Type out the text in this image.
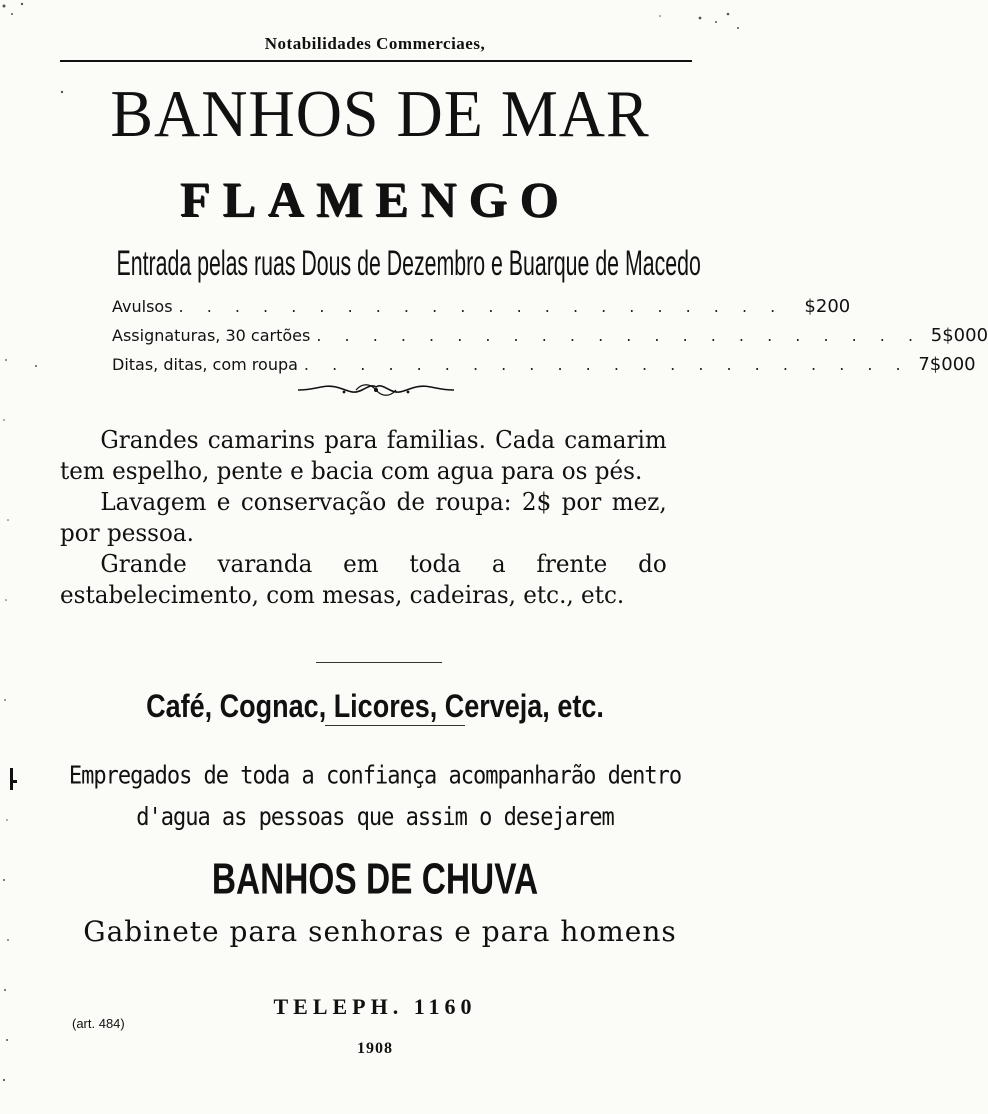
Notabilidades Commerciaes,
BANHOS DE MAR
FLAMENGO
Entrada pelas ruas Dous de Dezembro e Buarque de Macedo
Avulsos . . . . . . . . . . . . . . . . . . . . . .	$200
Assignaturas, 30 cartões . . . . . . . . . . . . . . . . . . . . . . 5$000
Ditas, ditas, com roupa . . . . . . . . . . . . . . . . . . . . . . 7$000

Grandes camarins para familias. Cada camarim tem espelho, pente e bacia com agua para os pés.

Lavagem e conservação de roupa: 2$ por mez, por pessoa.

Grande varanda em toda a frente do estabelecimento, com mesas, cadeiras, etc., etc.

Café, Cognac, Licores, Cerveja, etc.
Empregados de toda a confiança acompanharão dentro
d'agua as pessoas que assim o desejarem
BANHOS DE CHUVA
Gabinete para senhoras e para homens
TELEPH. 1160
(art. 484)
1908
